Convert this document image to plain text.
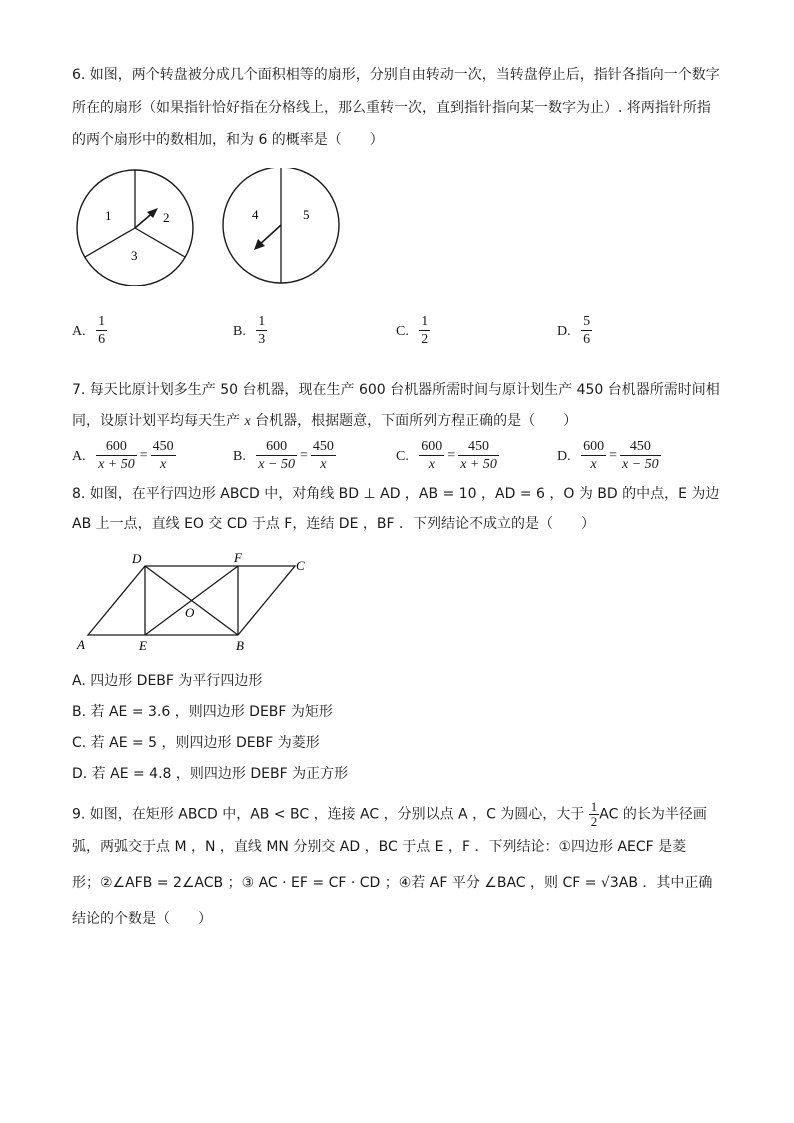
6. 如图，两个转盘被分成几个面积相等的扇形，分别自由转动一次，当转盘停止后，指针各指向一个数字
所在的扇形（如果指针恰好指在分格线上，那么重转一次，直到指针指向某一数字为止）. 将两指针所指
的两个扇形中的数相加，和为 6 的概率是（　　）
1	2
3
4	5
A. $\frac{1}{6}$	B. $\frac{1}{3}$	C. $\frac{1}{2}$	D. $\frac{5}{6}$
7. 每天比原计划多生产 50 台机器，现在生产 600 台机器所需时间与原计划生产 450 台机器所需时间相
同，设原计划平均每天生产 x 台机器，根据题意，下面所列方程正确的是（　　）
A. $\frac{600}{x + 50} = \frac{450}{x}$	B. $\frac{600}{x - 50} = \frac{450}{x}$	C. $\frac{600}{x} = \frac{450}{x + 50}$	D. $\frac{600}{x} = \frac{450}{x - 50}$
8. 如图，在平行四边形 ABCD 中，对角线 BD ⊥ AD ，AB = 10 ，AD = 6 ，O 为 BD 的中点，E 为边
AB 上一点，直线 EO 交 CD 于点 F，连结 DE ，BF ．下列结论不成立的是（　　）
A
D	F
C
O
E	B
A. 四边形 DEBF 为平行四边形
B. 若 AE = 3.6 ，则四边形 DEBF 为矩形
C. 若 AE = 5 ，则四边形 DEBF 为菱形
D. 若 AE = 4.8 ，则四边形 DEBF 为正方形
9. 如图，在矩形 ABCD 中，AB < BC ，连接 AC ，分别以点 A ，C 为圆心，大于 $\frac{1}{2}$ AC 的长为半径画
弧，两弧交于点 M ，N ，直线 MN 分别交 AD ，BC 于点 E ，F ．下列结论：①四边形 AECF 是菱
形；②∠AFB = 2∠ACB ；③ AC · EF = CF · CD ；④若 AF 平分 ∠BAC ，则 CF = √3AB ．其中正确
结论的个数是（　　）
